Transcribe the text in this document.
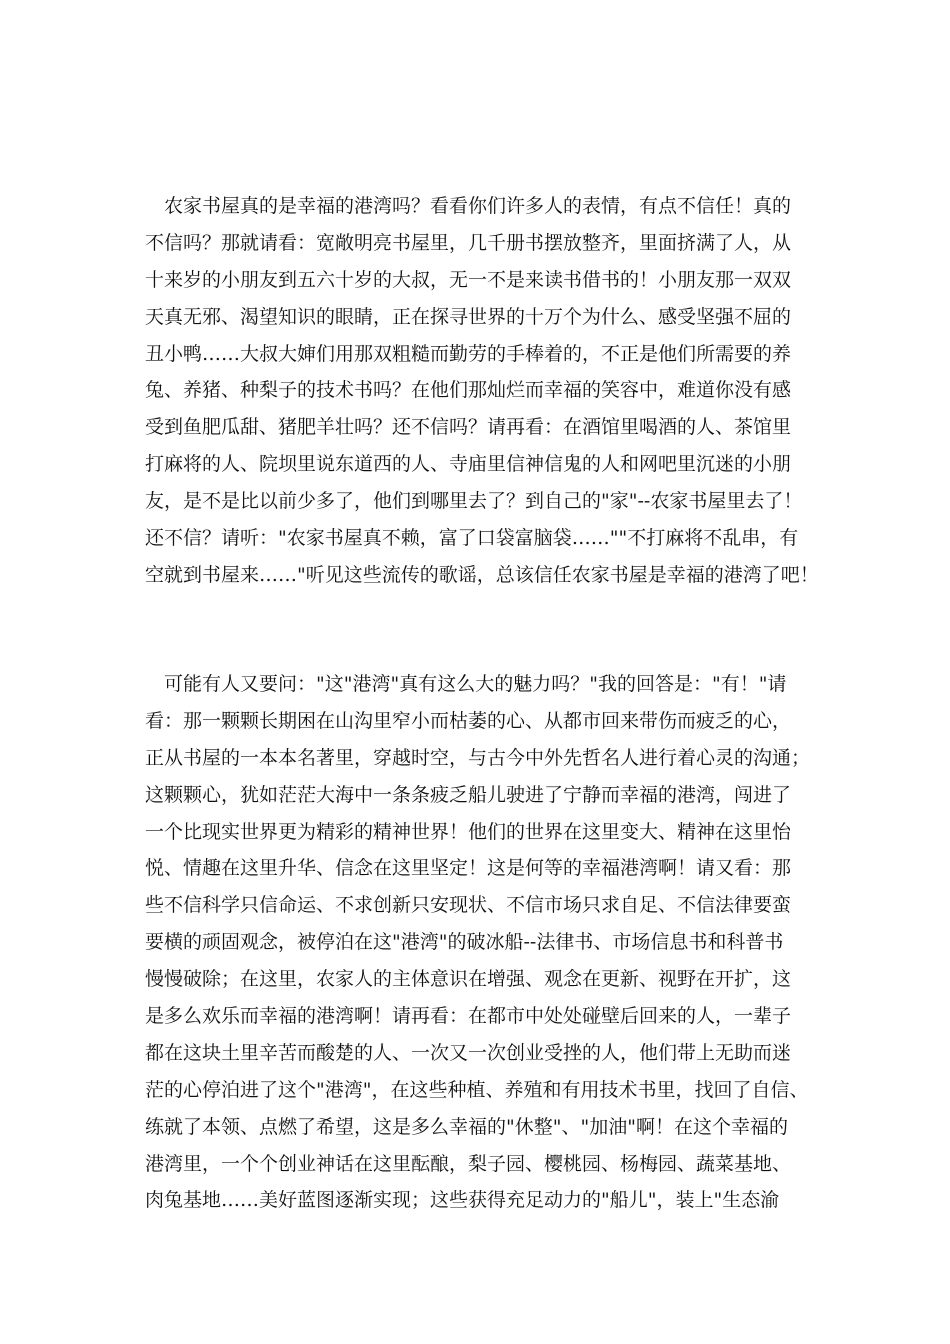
　农家书屋真的是幸福的港湾吗？看看你们许多人的表情，有点不信任！真的
不信吗？那就请看：宽敞明亮书屋里，几千册书摆放整齐，里面挤满了人，从
十来岁的小朋友到五六十岁的大叔，无一不是来读书借书的！小朋友那一双双
天真无邪、渴望知识的眼睛，正在探寻世界的十万个为什么、感受坚强不屈的
丑小鸭……大叔大婶们用那双粗糙而勤劳的手棒着的，不正是他们所需要的养
兔、养猪、种梨子的技术书吗？在他们那灿烂而幸福的笑容中，难道你没有感
受到鱼肥瓜甜、猪肥羊壮吗？还不信吗？请再看：在酒馆里喝酒的人、茶馆里
打麻将的人、院坝里说东道西的人、寺庙里信神信鬼的人和网吧里沉迷的小朋
友，是不是比以前少多了，他们到哪里去了？到自己的"家"--农家书屋里去了！
还不信？请听："农家书屋真不赖，富了口袋富脑袋……""不打麻将不乱串，有
空就到书屋来……"听见这些流传的歌谣，总该信任农家书屋是幸福的港湾了吧！

　可能有人又要问："这"港湾"真有这么大的魅力吗？"我的回答是："有！"请
看：那一颗颗长期困在山沟里窄小而枯萎的心、从都市回来带伤而疲乏的心，
正从书屋的一本本名著里，穿越时空，与古今中外先哲名人进行着心灵的沟通；
这颗颗心，犹如茫茫大海中一条条疲乏船儿驶进了宁静而幸福的港湾，闯进了
一个比现实世界更为精彩的精神世界！他们的世界在这里变大、精神在这里怡
悦、情趣在这里升华、信念在这里坚定！这是何等的幸福港湾啊！请又看：那
些不信科学只信命运、不求创新只安现状、不信市场只求自足、不信法律要蛮
要横的顽固观念，被停泊在这"港湾"的破冰船--法律书、市场信息书和科普书
慢慢破除；在这里，农家人的主体意识在增强、观念在更新、视野在开扩，这
是多么欢乐而幸福的港湾啊！请再看：在都市中处处碰壁后回来的人，一辈子
都在这块土里辛苦而酸楚的人、一次又一次创业受挫的人，他们带上无助而迷
茫的心停泊进了这个"港湾"，在这些种植、养殖和有用技术书里，找回了自信、
练就了本领、点燃了希望，这是多么幸福的"休整"、"加油"啊！在这个幸福的
港湾里，一个个创业神话在这里酝酿，梨子园、樱桃园、杨梅园、蔬菜基地、
肉兔基地……美好蓝图逐渐实现；这些获得充足动力的"船儿"，装上"生态渝
